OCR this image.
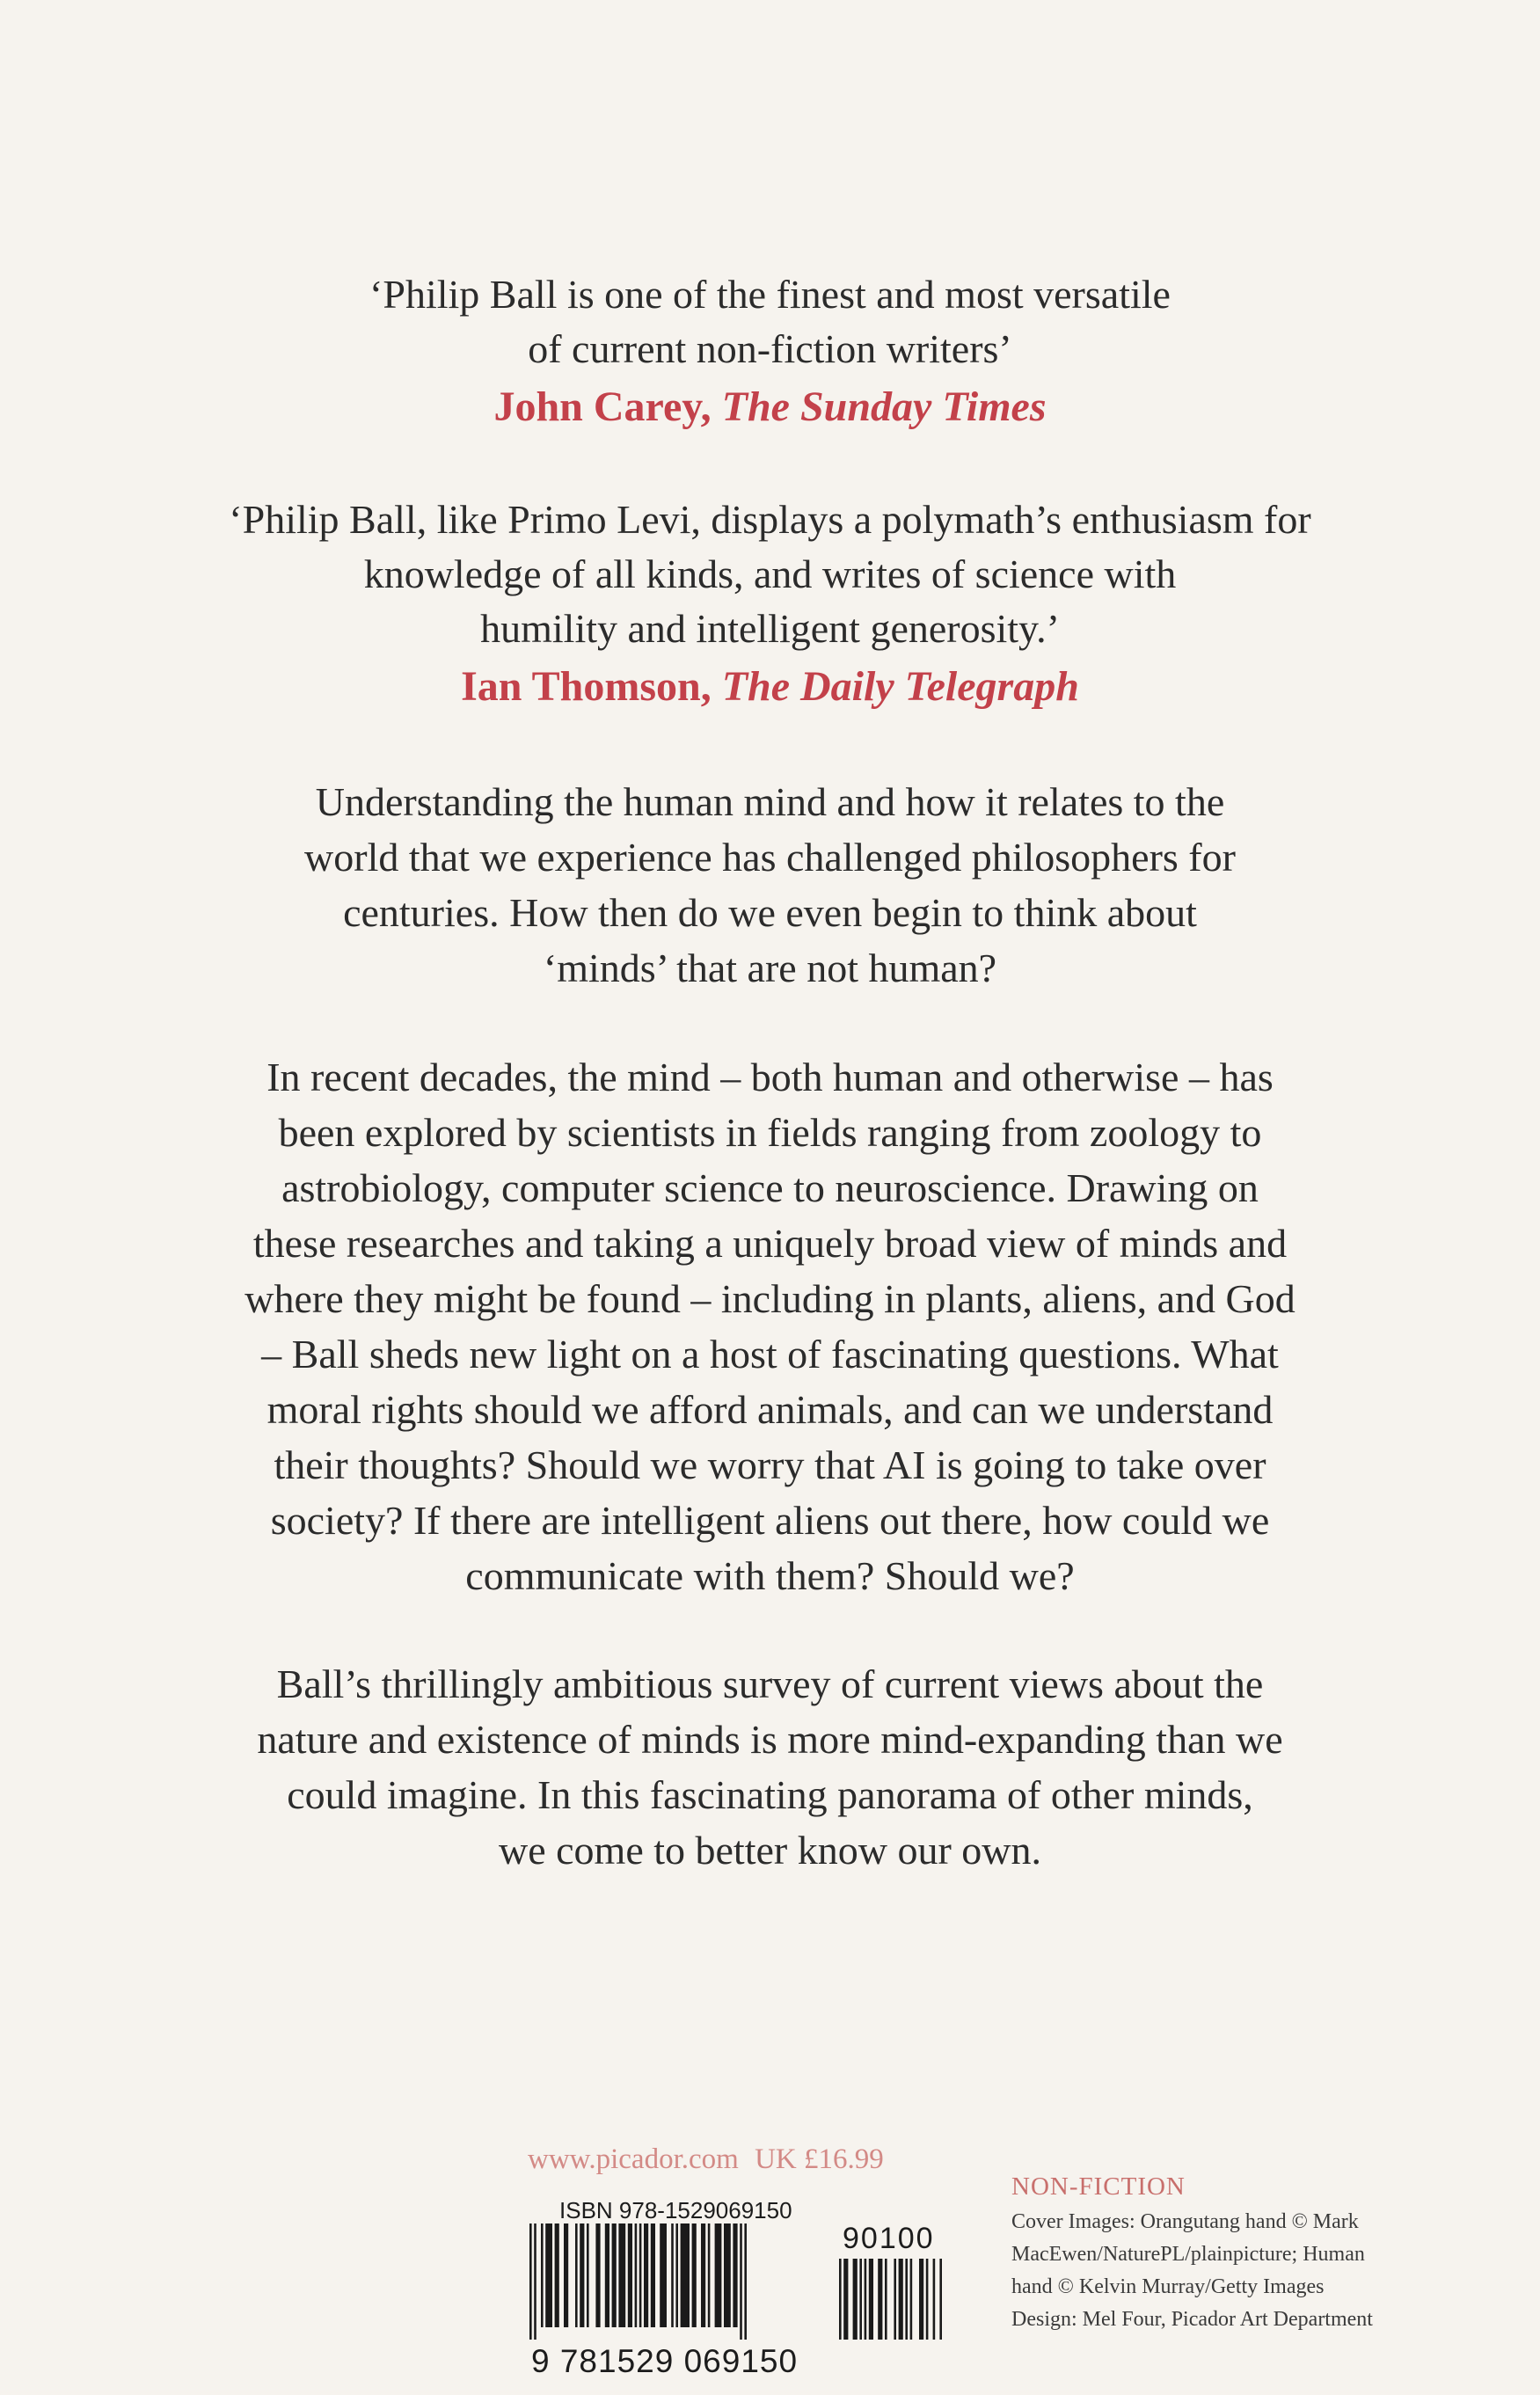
‘Philip Ball is one of the finest and most versatile
of current non-fiction writers’
John Carey, The Sunday Times
‘Philip Ball, like Primo Levi, displays a polymath’s enthusiasm for
knowledge of all kinds, and writes of science with
humility and intelligent generosity.’
Ian Thomson, The Daily Telegraph
Understanding the human mind and how it relates to the
world that we experience has challenged philosophers for
centuries. How then do we even begin to think about
‘minds’ that are not human?
In recent decades, the mind – both human and otherwise – has
been explored by scientists in fields ranging from zoology to
astrobiology, computer science to neuroscience. Drawing on
these researches and taking a uniquely broad view of minds and
where they might be found – including in plants, aliens, and God
– Ball sheds new light on a host of fascinating questions. What
moral rights should we afford animals, and can we understand
their thoughts? Should we worry that AI is going to take over
society? If there are intelligent aliens out there, how could we
communicate with them? Should we?
Ball’s thrillingly ambitious survey of current views about the
nature and existence of minds is more mind-expanding than we
could imagine. In this fascinating panorama of other minds,
we come to better know our own.
www.picador.com UK £16.99
ISBN 978-1529069150
90100
9 781529 069150
NON-FICTION
Cover Images: Orangutang hand © Mark
MacEwen/NaturePL/plainpicture; Human
hand © Kelvin Murray/Getty Images
Design: Mel Four, Picador Art Department
